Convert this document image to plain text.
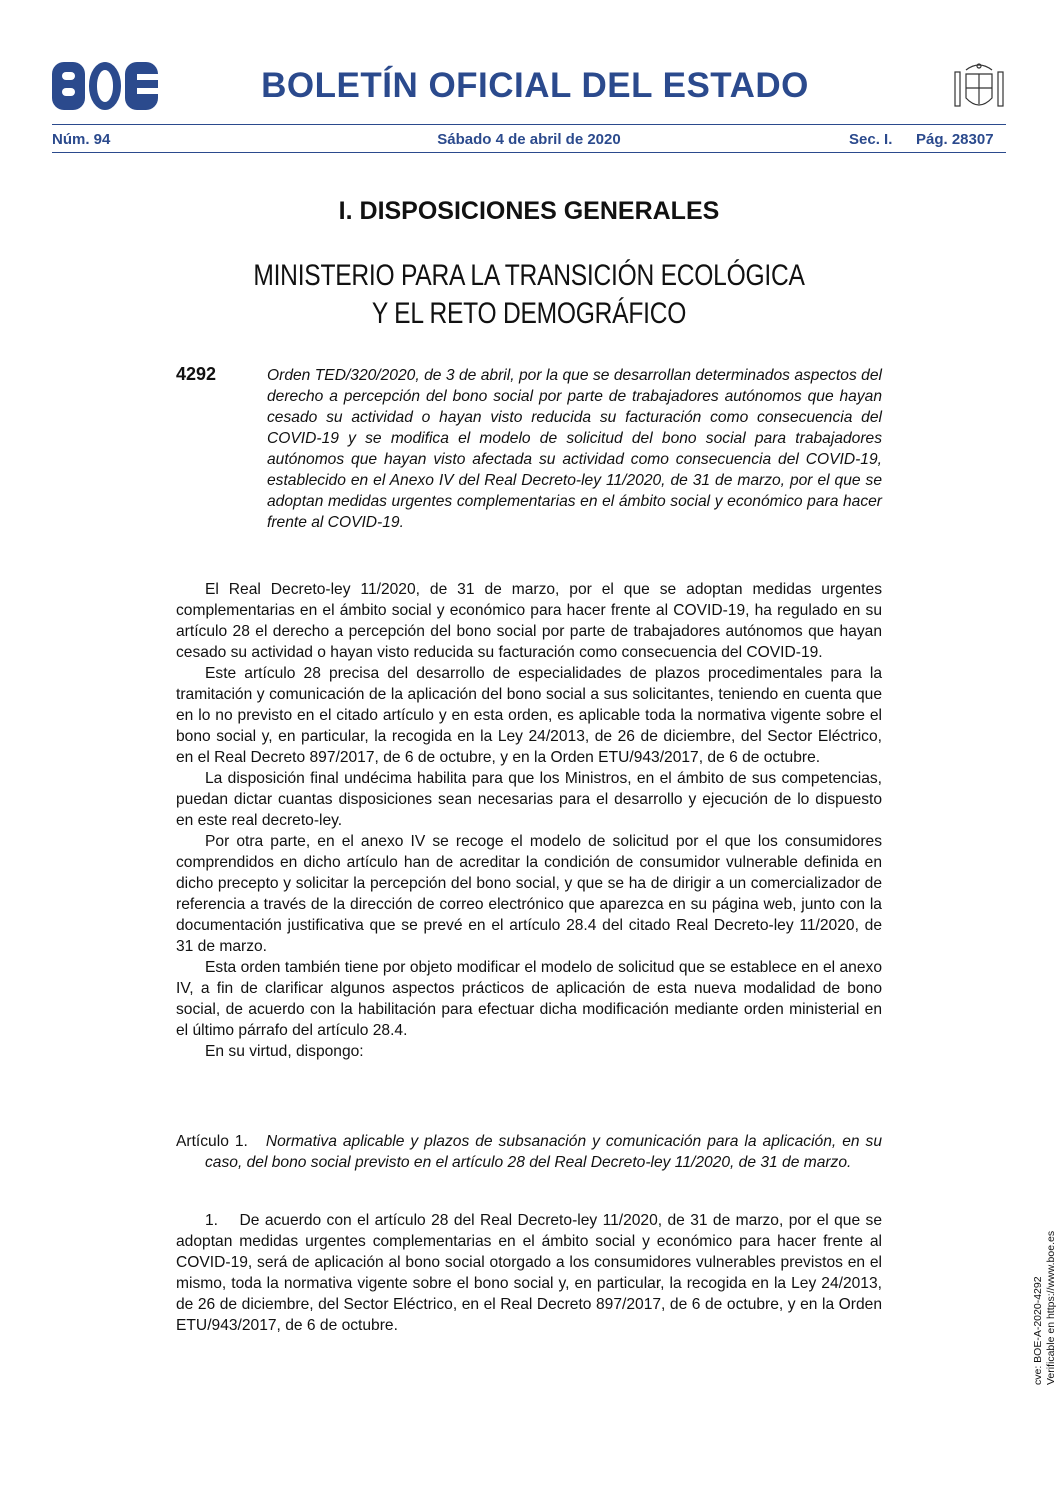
BOLETÍN OFICIAL DEL ESTADO
Núm. 94	Sábado 4 de abril de 2020	Sec. I. Pág. 28307
I. DISPOSICIONES GENERALES
MINISTERIO PARA LA TRANSICIÓN ECOLÓGICA
Y EL RETO DEMOGRÁFICO
4292	Orden TED/320/2020, de 3 de abril, por la que se desarrollan determinados aspectos del derecho a percepción del bono social por parte de trabajadores autónomos que hayan cesado su actividad o hayan visto reducida su facturación como consecuencia del COVID-19 y se modifica el modelo de solicitud del bono social para trabajadores autónomos que hayan visto afectada su actividad como consecuencia del COVID-19, establecido en el Anexo IV del Real Decreto-ley 11/2020, de 31 de marzo, por el que se adoptan medidas urgentes complementarias en el ámbito social y económico para hacer frente al COVID-19.

El Real Decreto-ley 11/2020, de 31 de marzo, por el que se adoptan medidas urgentes complementarias en el ámbito social y económico para hacer frente al COVID-19, ha regulado en su artículo 28 el derecho a percepción del bono social por parte de trabajadores autónomos que hayan cesado su actividad o hayan visto reducida su facturación como consecuencia del COVID-19.

Este artículo 28 precisa del desarrollo de especialidades de plazos procedimentales para la tramitación y comunicación de la aplicación del bono social a sus solicitantes, teniendo en cuenta que en lo no previsto en el citado artículo y en esta orden, es aplicable toda la normativa vigente sobre el bono social y, en particular, la recogida en la Ley 24/2013, de 26 de diciembre, del Sector Eléctrico, en el Real Decreto 897/2017, de 6 de octubre, y en la Orden ETU/943/2017, de 6 de octubre.

La disposición final undécima habilita para que los Ministros, en el ámbito de sus competencias, puedan dictar cuantas disposiciones sean necesarias para el desarrollo y ejecución de lo dispuesto en este real decreto-ley.

Por otra parte, en el anexo IV se recoge el modelo de solicitud por el que los consumidores comprendidos en dicho artículo han de acreditar la condición de consumidor vulnerable definida en dicho precepto y solicitar la percepción del bono social, y que se ha de dirigir a un comercializador de referencia a través de la dirección de correo electrónico que aparezca en su página web, junto con la documentación justificativa que se prevé en el artículo 28.4 del citado Real Decreto-ley 11/2020, de 31 de marzo.

Esta orden también tiene por objeto modificar el modelo de solicitud que se establece en el anexo IV, a fin de clarificar algunos aspectos prácticos de aplicación de esta nueva modalidad de bono social, de acuerdo con la habilitación para efectuar dicha modificación mediante orden ministerial en el último párrafo del artículo 28.4.

En su virtud, dispongo:

Artículo 1. Normativa aplicable y plazos de subsanación y comunicación para la aplicación, en su caso, del bono social previsto en el artículo 28 del Real Decreto-ley 11/2020, de 31 de marzo.

1.    De acuerdo con el artículo 28 del Real Decreto-ley 11/2020, de 31 de marzo, por el que se adoptan medidas urgentes complementarias en el ámbito social y económico para hacer frente al COVID-19, será de aplicación al bono social otorgado a los consumidores vulnerables previstos en el mismo, toda la normativa vigente sobre el bono social y, en particular, la recogida en la Ley 24/2013, de 26 de diciembre, del Sector Eléctrico, en el Real Decreto 897/2017, de 6 de octubre, y en la Orden ETU/943/2017, de 6 de octubre.	cve: BOE-A-2020-4292 Verificable en https://www.boe.es
